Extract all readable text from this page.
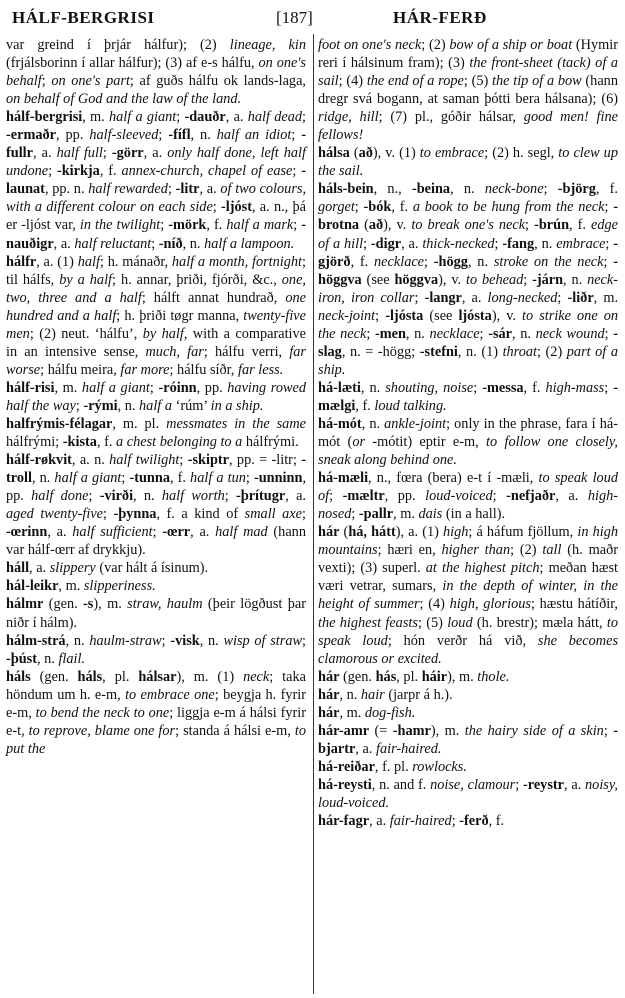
HÁLF-BERGRISI	[187]	HÁR-FERÐ

var greind í þrjár hálfur); (2) lineage, kin (frjálsborinn í allar hálfur); (3) af e-s hálfu, on one's behalf; on one's part; af guðs hálfu ok lands-laga, on behalf of God and the law of the land.

hálf-bergrisi, m. half a giant; -dauðr, a. half dead; -ermaðr, pp. half-sleeved; -fífl, n. half an idiot; -fullr, a. half full; -görr, a. only half done, left half undone; -kirkja, f. annex-church, chapel of ease; -launat, pp. n. half rewarded; -litr, a. of two colours, with a different colour on each side; -ljóst, a. n., þá er -ljóst var, in the twilight; -mörk, f. half a mark; -nauðigr, a. half reluctant; -níð, n. half a lampoon.

hálfr, a. (1) half; h. mánaðr, half a month, fortnight; til hálfs, by a half; h. annar, þriði, fjórði, &c., one, two, three and a half; hálft annat hundrað, one hundred and a half; h. þriði tøgr manna, twenty-five men; (2) neut. ‘hálfu’, by half, with a comparative in an intensive sense, much, far; hálfu verri, far worse; hálfu meira, far more; hálfu síðr, far less.

hálf-risi, m. half a giant; -róinn, pp. having rowed half the way; -rými, n. half a ‘rúm’ in a ship.

halfrýmis-félagar, m. pl. messmates in the same hálfrými; -kista, f. a chest belonging to a hálfrými.

hálf-røkvit, a. n. half twilight; -skiptr, pp. = -litr; -troll, n. half a giant; -tunna, f. half a tun; -unninn, pp. half done; -virði, n. half worth; -þrítugr, a. aged twenty-five; -þynna, f. a kind of small axe; -œrinn, a. half sufficient; -œrr, a. half mad (hann var hálf-œrr af drykkju).

háll, a. slippery (var hált á ísinum).

hál-leikr, m. slipperiness.

hálmr (gen. -s), m. straw, haulm (þeir lögðust þar niðr í hálm).

hálm-strá, n. haulm-straw; -visk, n. wisp of straw; -þúst, n. flail.

háls (gen. háls, pl. hálsar), m. (1) neck; taka höndum um h. e-m, to embrace one; beygja h. fyrir e-m, to bend the neck to one; liggja e-m á hálsi fyrir e-t, to reprove, blame one for; standa á hálsi e-m, to put the

foot on one's neck; (2) bow of a ship or boat (Hymir reri í hálsinum fram); (3) the front-sheet (tack) of a sail; (4) the end of a rope; (5) the tip of a bow (hann dregr svá bogann, at saman þótti bera hálsana); (6) ridge, hill; (7) pl., góðir hálsar, good men! fine fellows!

hálsa (að), v. (1) to embrace; (2) h. segl, to clew up the sail.

háls-bein, n., -beina, n. neck-bone; -björg, f. gorget; -bók, f. a book to be hung from the neck; -brotna (að), v. to break one's neck; -brún, f. edge of a hill; -digr, a. thick-necked; -fang, n. embrace; -gjörð, f. necklace; -högg, n. stroke on the neck; -höggva (see höggva), v. to behead; -járn, n. neck-iron, iron collar; -langr, a. long-necked; -liðr, m. neck-joint; -ljósta (see ljósta), v. to strike one on the neck; -men, n. necklace; -sár, n. neck wound; -slag, n. = -högg; -stefni, n. (1) throat; (2) part of a ship.

há-læti, n. shouting, noise; -messa, f. high-mass; -mælgi, f. loud talking.

há-mót, n. ankle-joint; only in the phrase, fara í há-mót (or -mótit) eptir e-m, to follow one closely, sneak along behind one.

há-mæli, n., fœra (bera) e-t í -mæli, to speak loud of; -mæltr, pp. loud-voiced; -nefjaðr, a. high-nosed; -pallr, m. dais (in a hall).

hár (há, hátt), a. (1) high; á háfum fjöllum, in high mountains; hæri en, higher than; (2) tall (h. maðr vexti); (3) superl. at the highest pitch; meðan hæst væri vetrar, sumars, in the depth of winter, in the height of summer; (4) high, glorious; hæstu hátíðir, the highest feasts; (5) loud (h. brestr); mæla hátt, to speak loud; hón verðr há við, she becomes clamorous or excited.

hár (gen. hás, pl. háir), m. thole.

hár, n. hair (jarpr á h.).

hár, m. dog-fish.

hár-amr (= -hamr), m. the hairy side of a skin; -bjartr, a. fair-haired.

há-reiðar, f. pl. rowlocks.

há-reysti, n. and f. noise, clamour; -reystr, a. noisy, loud-voiced.

hár-fagr, a. fair-haired; -ferð, f.
